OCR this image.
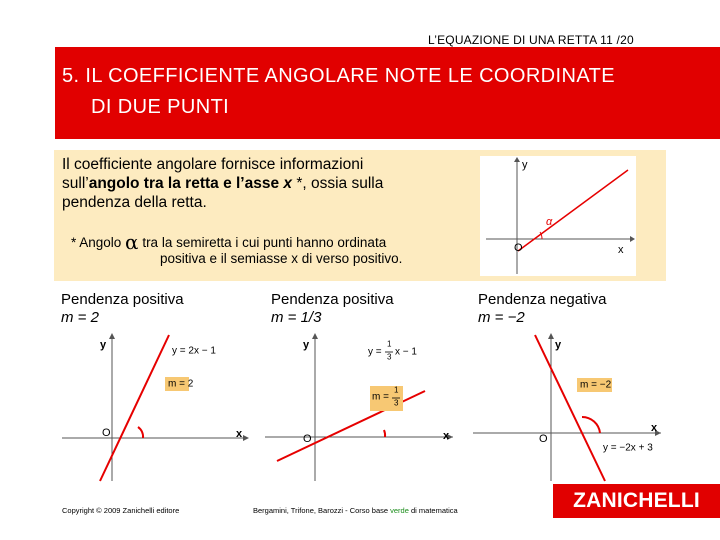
L’EQUAZIONE DI UNA RETTA 11 /20
5. IL COEFFICIENTE ANGOLARE NOTE LE COORDINATE
DI DUE PUNTI
Il coefficiente angolare fornisce informazioni
sull’angolo tra la retta e l’asse x *, ossia sulla
pendenza della retta.
* Angolo α tra la semiretta i cui punti hanno ordinata
positiva e il semiasse x di verso positivo.
y
x
O
α
Pendenza positiva
m = 2
Pendenza positiva
m = 1/3
Pendenza negativa
m = −2
m = 2
y = 2x − 1
y
x
O
m =
1
3
y =
1
3 x − 1
y
x
O
m = −2
y = −2x + 3
y
x
O
Copyright © 2009 Zanichelli editore	Bergamini, Trifone, Barozzi - Corso base verde di matematica	ZANICHELLI
